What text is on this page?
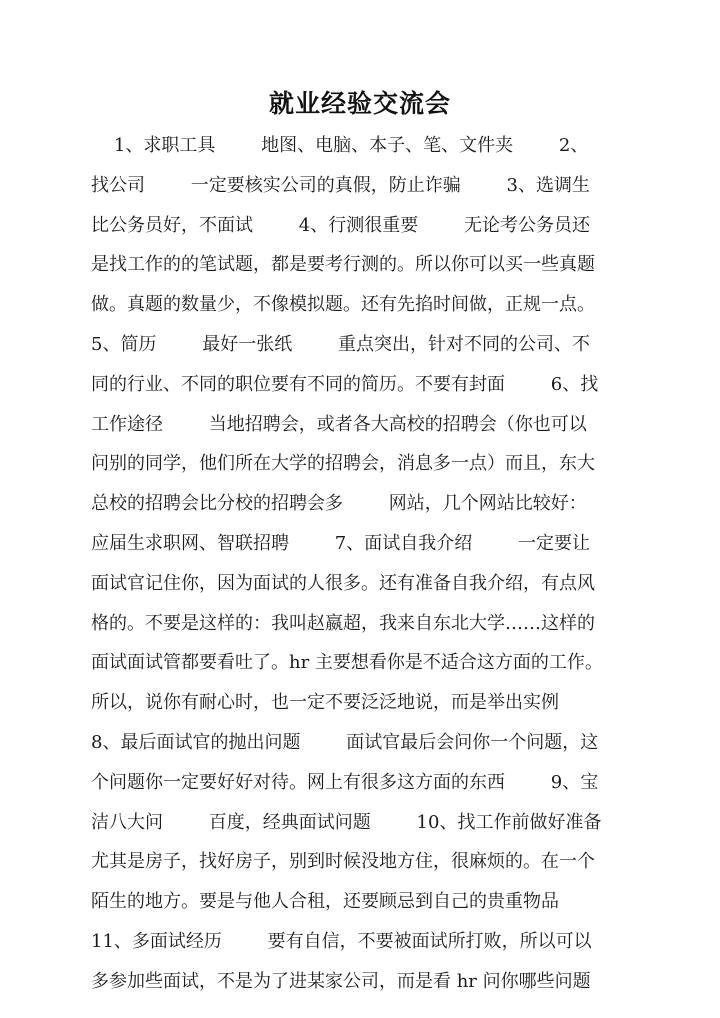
就业经验交流会
1、求职工具        地图、电脑、本子、笔、文件夹        2、
找公司        一定要核实公司的真假，防止诈骗        3、选调生
比公务员好，不面试        4、行测很重要        无论考公务员还
是找工作的的笔试题，都是要考行测的。所以你可以买一些真题
做。真题的数量少，不像模拟题。还有先掐时间做，正规一点。
5、简历        最好一张纸        重点突出，针对不同的公司、不
同的行业、不同的职位要有不同的简历。不要有封面        6、找
工作途径        当地招聘会，或者各大高校的招聘会（你也可以
问别的同学，他们所在大学的招聘会，消息多一点）而且，东大
总校的招聘会比分校的招聘会多        网站，几个网站比较好：
应届生求职网、智联招聘        7、面试自我介绍        一定要让
面试官记住你，因为面试的人很多。还有准备自我介绍，有点风
格的。不要是这样的：我叫赵嬴超，我来自东北大学……这样的
面试面试管都要看吐了。hr 主要想看你是不适合这方面的工作。
所以，说你有耐心时，也一定不要泛泛地说，而是举出实例
8、最后面试官的抛出问题        面试官最后会问你一个问题，这
个问题你一定要好好对待。网上有很多这方面的东西        9、宝
洁八大问        百度，经典面试问题        10、找工作前做好准备
尤其是房子，找好房子，别到时候没地方住，很麻烦的。在一个
陌生的地方。要是与他人合租，还要顾忌到自己的贵重物品
11、多面试经历        要有自信，不要被面试所打败，所以可以
多参加些面试，不是为了进某家公司，而是看 hr 问你哪些问题
